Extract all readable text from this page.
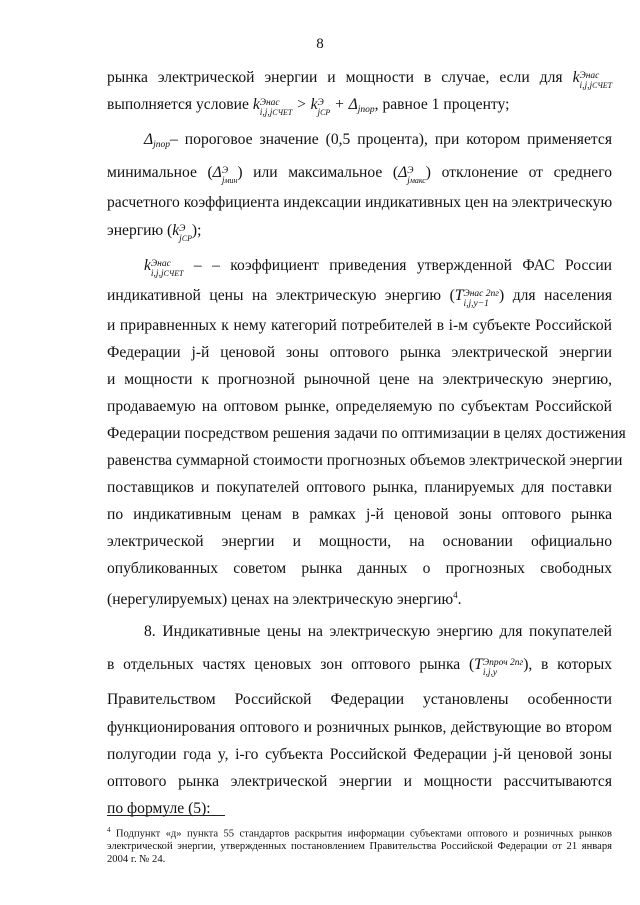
8
рынка электрической энергии и мощности в случае, если для k Энас
i,j,jСЧЕТ
выполняется условие k Энас
i,j,jСЧЕТ > k Э
jСР + $\Delta_{jпор}$, равное 1 проценту;
$\Delta_{jпор}-$ пороговое значение (0,5 процента), при котором применяется
минимальное (Δ Э
jмин ) или максимальное (Δ Э
jмакс ) отклонение от среднего
расчетного коэффициента индексации индикативных цен на электрическую
энергию (k Э
jСР );
k Энас
i,j,jСЧЕТ – – коэффициент приведения утвержденной ФАС России
индикативной цены на электрическую энергию (T Энас 2пг
i,j,y−1 ) для населения
и приравненных к нему категорий потребителей в i-м субъекте Российской
Федерации j-й ценовой зоны оптового рынка электрической энергии
и мощности к прогнозной рыночной цене на электрическую энергию,
продаваемую на оптовом рынке, определяемую по субъектам Российской
Федерации посредством решения задачи по оптимизации в целях достижения
равенства суммарной стоимости прогнозных объемов электрической энергии
поставщиков и покупателей оптового рынка, планируемых для поставки
по индикативным ценам в рамках j-й ценовой зоны оптового рынка
электрической энергии и мощности, на основании официально
опубликованных советом рынка данных о прогнозных свободных
(нерегулируемых) ценах на электрическую энергию$^4$.
8. Индикативные цены на электрическую энергию для покупателей
в отдельных частях ценовых зон оптового рынка (T Эпроч 2пг
i,j,y	), в которых
Правительством Российской Федерации установлены особенности
функционирования оптового и розничных рынков, действующие во втором
полугодии года y, i-го субъекта Российской Федерации j-й ценовой зоны
оптового рынка электрической энергии и мощности рассчитываются
по формуле (5):
$^4$ Подпункт «д» пункта 55 стандартов раскрытия информации субъектами оптового и розничных рынков электрической энергии, утвержденных постановлением Правительства Российской Федерации от 21 января 2004 г. № 24.
